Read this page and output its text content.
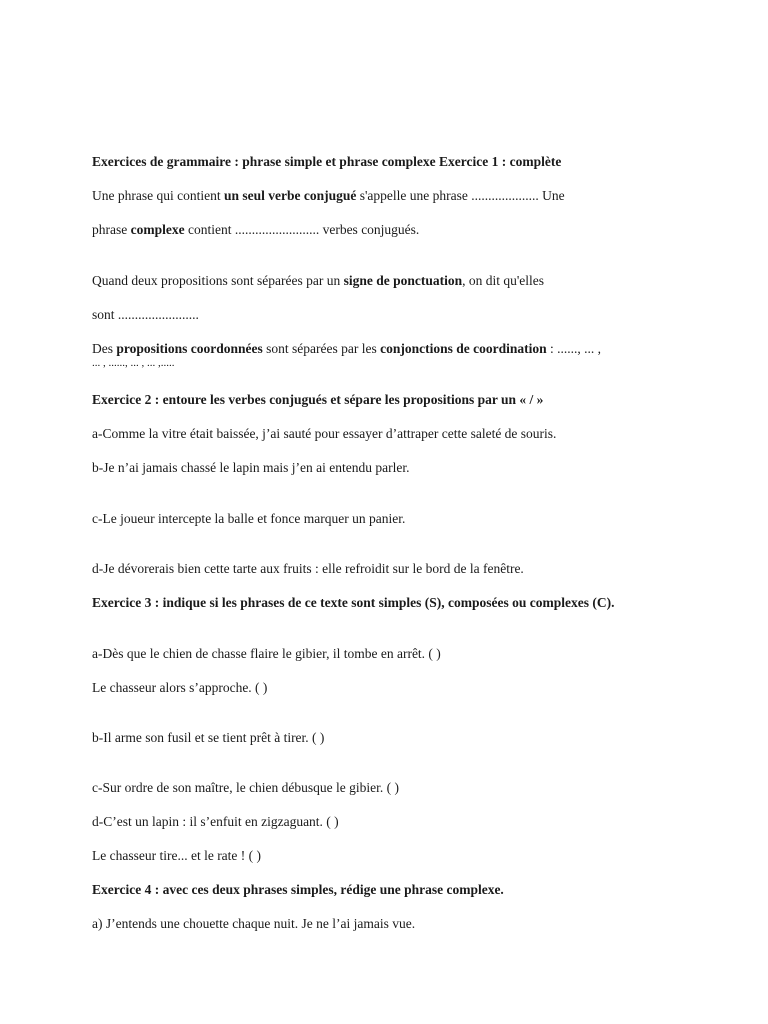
Exercices de grammaire : phrase simple et phrase complexe Exercice 1 : complète
Une phrase qui contient un seul verbe conjugué s'appelle une phrase .................... Une
phrase complexe contient ......................... verbes conjugués.
Quand deux propositions sont séparées par un signe de ponctuation, on dit qu'elles
sont ........................
Des propositions coordonnées sont séparées par les conjonctions de coordination : ......, ... ,
... , ......, ... , ... ,.....
Exercice 2 : entoure les verbes conjugués et sépare les propositions par un « / »
a-Comme la vitre était baissée, j’ai sauté pour essayer d’attraper cette saleté de souris.
b-Je n’ai jamais chassé le lapin mais j’en ai entendu parler.
c-Le joueur intercepte la balle et fonce marquer un panier.
d-Je dévorerais bien cette tarte aux fruits : elle refroidit sur le bord de la fenêtre.
Exercice 3 : indique si les phrases de ce texte sont simples (S), composées ou complexes (C).
a-Dès que le chien de chasse flaire le gibier, il tombe en arrêt. ( )
Le chasseur alors s’approche. ( )
b-Il arme son fusil et se tient prêt à tirer. ( )
c-Sur ordre de son maître, le chien débusque le gibier. ( )
d-C’est un lapin : il s’enfuit en zigzaguant. ( )
Le chasseur tire... et le rate ! ( )
Exercice 4 : avec ces deux phrases simples, rédige une phrase complexe.
a) J’entends une chouette chaque nuit. Je ne l’ai jamais vue.
